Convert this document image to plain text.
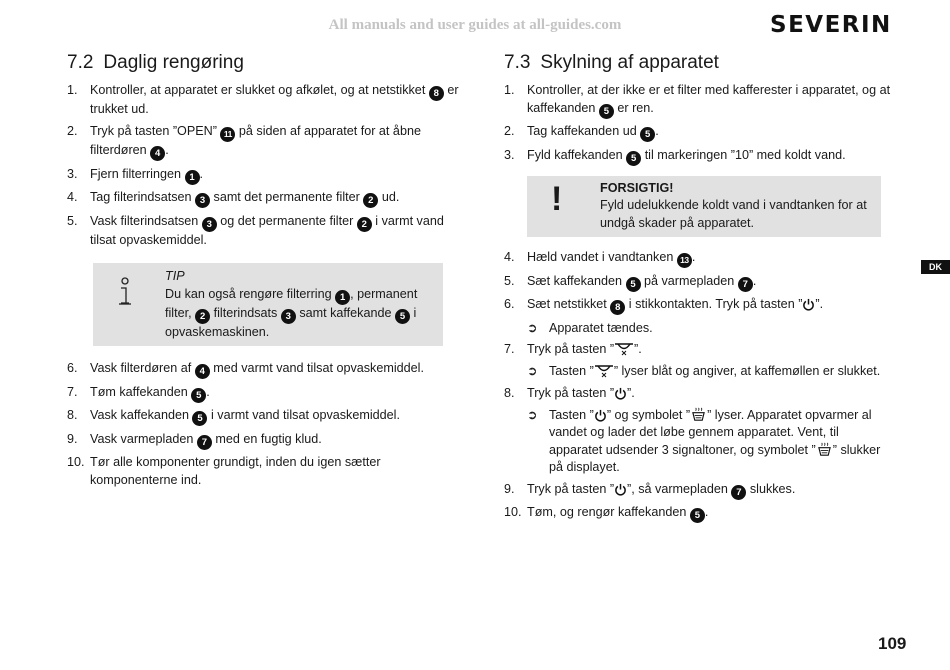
All manuals and user guides at all-guides.com	SEVERIN
7.2 Daglig rengøring
1. Kontroller, at apparatet er slukket og afkølet, og at netstikket 8 er trukket ud.
2. Tryk på tasten ”OPEN” 11 på siden af apparatet for at åbne filterdøren 4 .
3. Fjern filterringen 1 .
4. Tag filterindsatsen 3 samt det permanente filter 2 ud.
5. Vask filterindsatsen 3 og det permanente filter 2 i varmt vand tilsat opvaskemiddel.
TIP
Du kan også rengøre filterring 1 , permanent filter, 2 filterindsats 3 samt kaffekande 5 i opvaskemaskinen.
6. Vask filterdøren af 4 med varmt vand tilsat opvaskemiddel.
7. Tøm kaffekanden 5 .
8. Vask kaffekanden 5 i varmt vand tilsat opvaskemiddel.
9. Vask varmepladen 7 med en fugtig klud.
10. Tør alle komponenter grundigt, inden du igen sætter komponenterne ind.
7.3 Skylning af apparatet
1. Kontroller, at der ikke er et filter med kafferester i apparatet, og at kaffekanden 5 er ren.
2. Tag kaffekanden ud 5 .
3. Fyld kaffekanden 5 til markeringen ”10” med koldt vand.
!	FORSIGTIG!
Fyld udelukkende koldt vand i vandtanken for at undgå skader på apparatet.
4. Hæld vandet i vandtanken 13 .
5. Sæt kaffekanden 5 på varmepladen 7 .
6. Sæt netstikket 8 i stikkontakten. Tryk på tasten ” ”.
➲ Apparatet tændes.
7. Tryk på tasten ” ”.
➲ Tasten ” ” lyser blåt og angiver, at kaffemøllen er slukket.
8. Tryk på tasten ” ”.
➲ Tasten ” ” og symbolet ” ” lyser. Apparatet opvarmer al vandet og lader det løbe gennem apparatet. Vent, til apparatet udsender 3 signaltoner, og symbolet ” ” slukker på displayet.
9. Tryk på tasten ” ”, så varmepladen 7 slukkes.
10. Tøm, og rengør kaffekanden 5 .
DK
109
